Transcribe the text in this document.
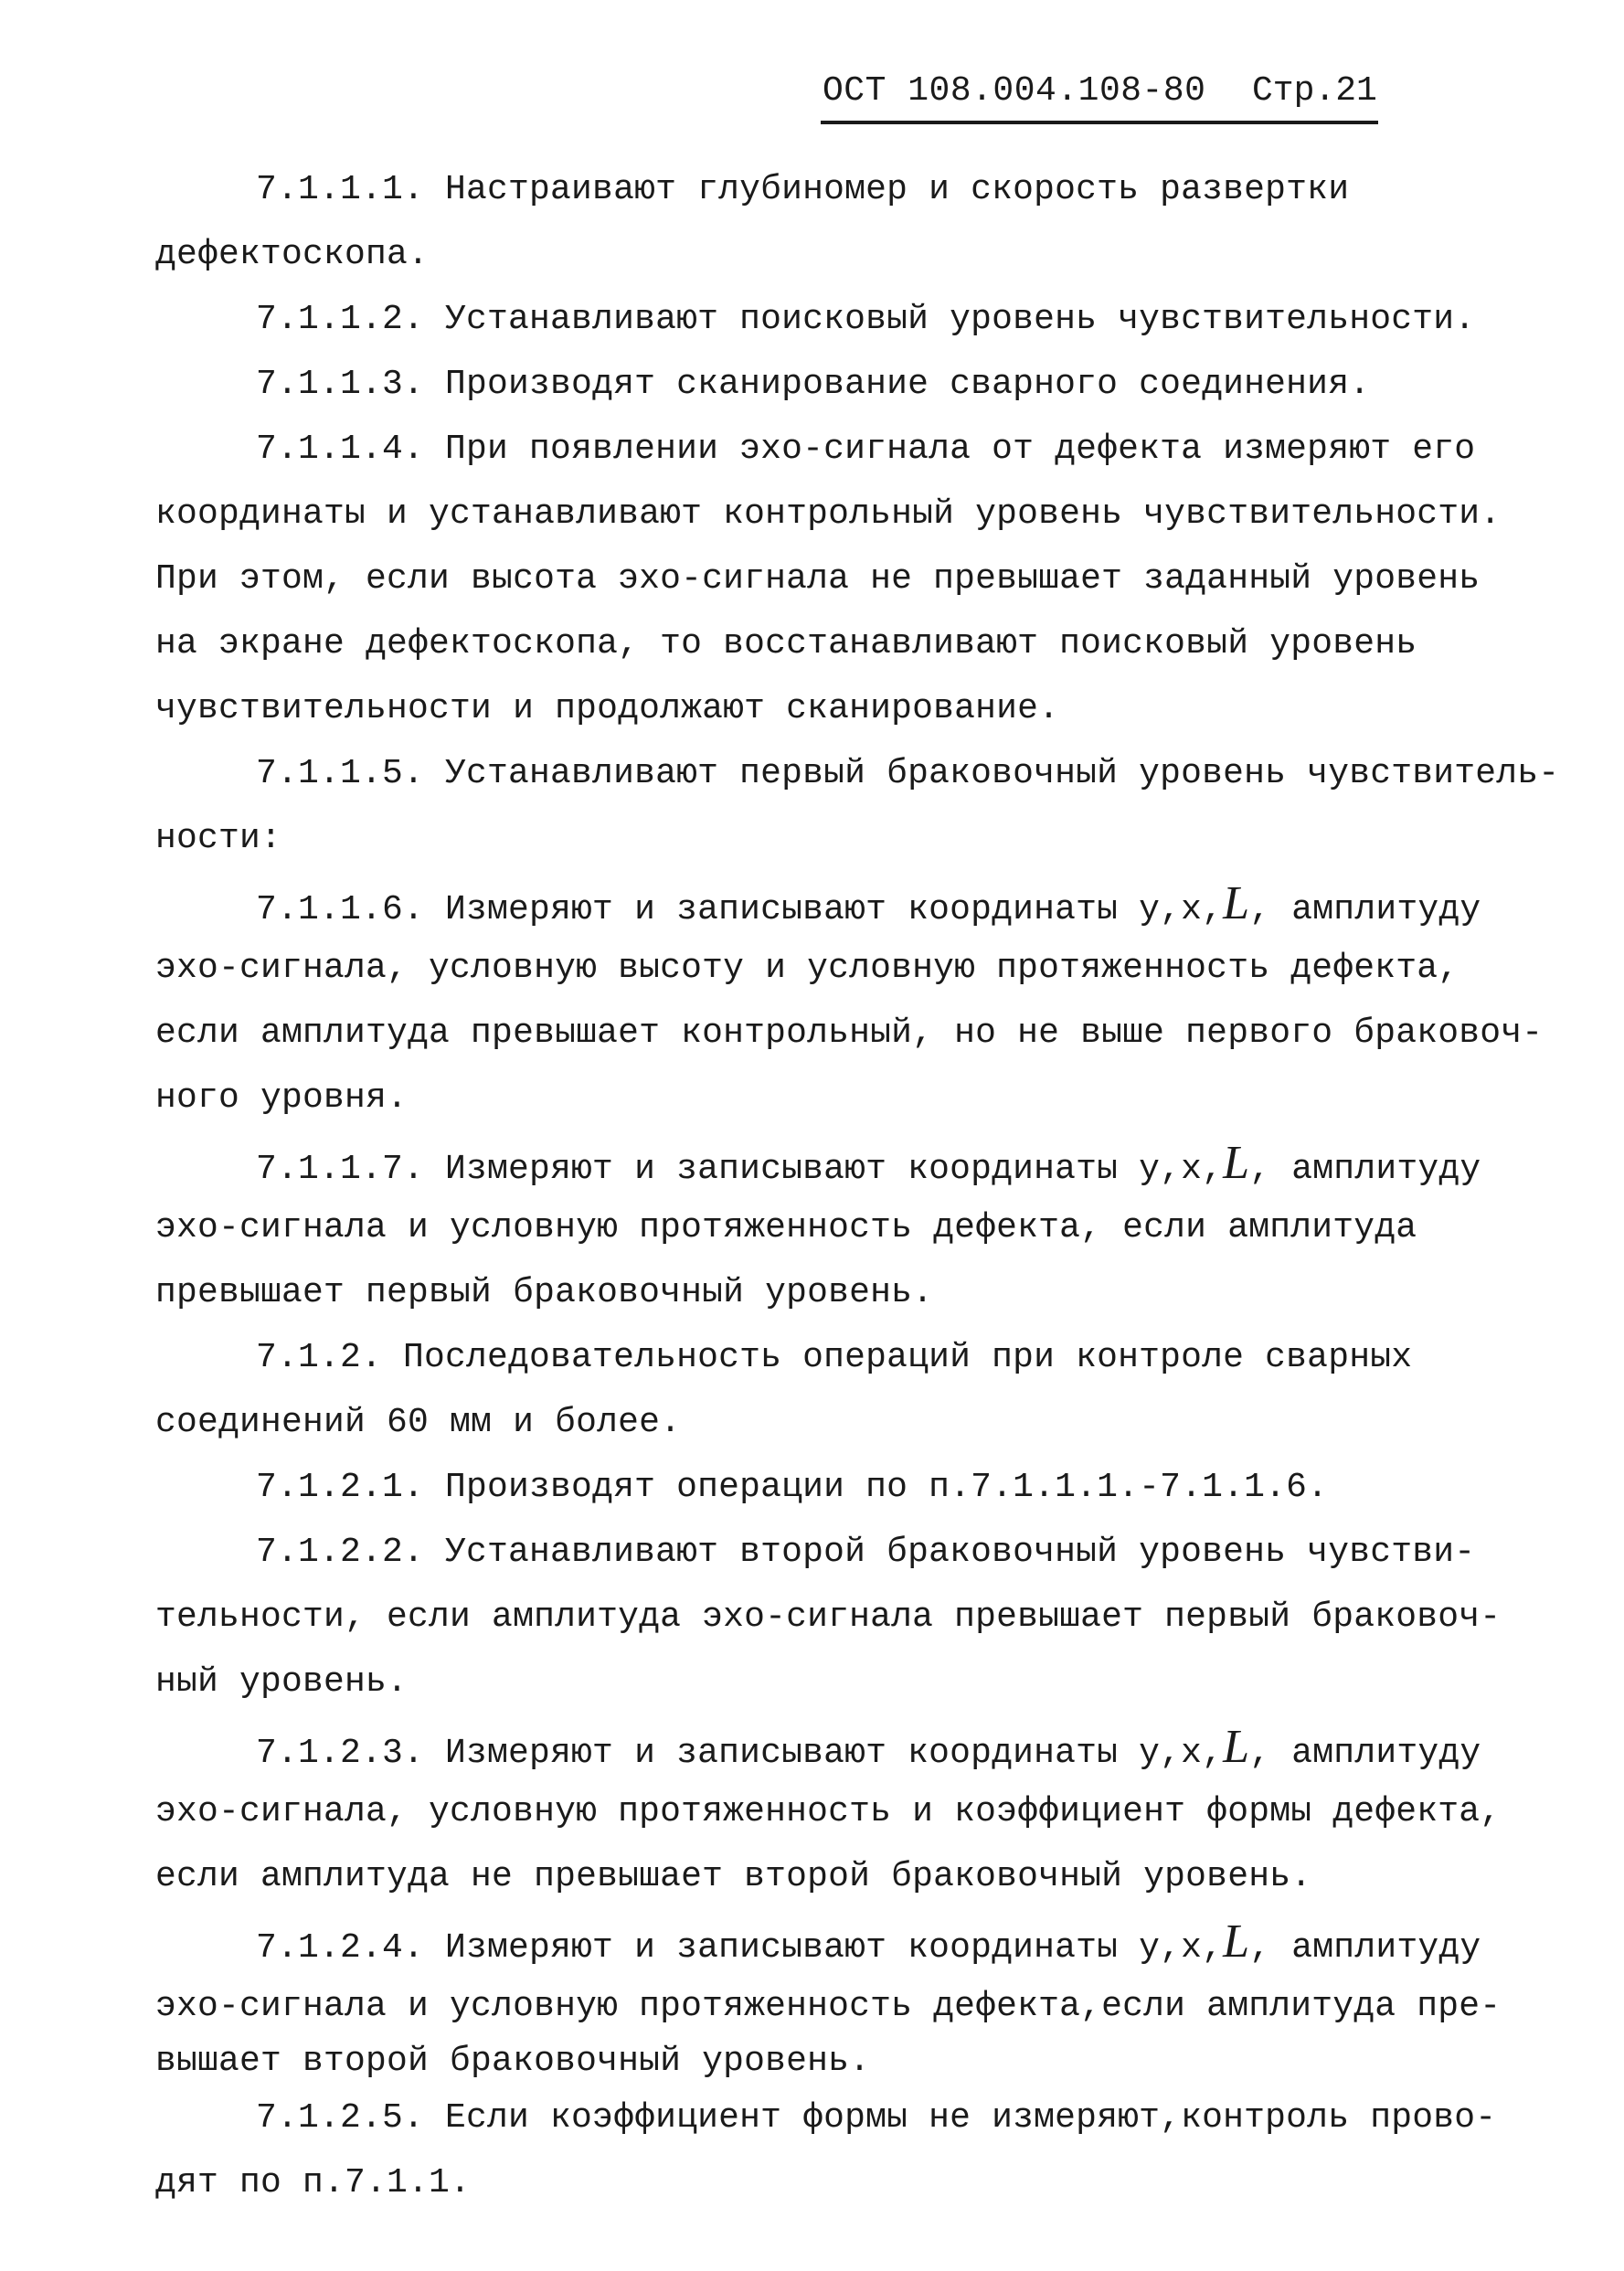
ОСТ 108.004.108-80 Стр.21
7.1.1.1. Настраивают глубиномер и скорость развертки
дефектоскопа.
7.1.1.2. Устанавливают поисковый уровень чувствительности.
7.1.1.3. Производят сканирование сварного соединения.
7.1.1.4. При появлении эхо-сигнала от дефекта измеряют его
координаты и устанавливают контрольный уровень чувствительности.
При этом, если высота эхо-сигнала не превышает заданный уровень
на экране дефектоскопа, то восстанавливают поисковый уровень
чувствительности и продолжают сканирование.
7.1.1.5. Устанавливают первый браковочный уровень чувствитель-
ности:
7.1.1.6. Измеряют и записывают координаты у,х,L, амплитуду
эхо-сигнала, условную высоту и условную протяженность дефекта,
если амплитуда превышает контрольный, но не выше первого браковоч-
ного уровня.
7.1.1.7. Измеряют и записывают координаты у,х,L, амплитуду
эхо-сигнала и условную протяженность дефекта, если амплитуда
превышает первый браковочный уровень.
7.1.2. Последовательность операций при контроле сварных
соединений 60 мм и более.
7.1.2.1. Производят операции по п.7.1.1.1.-7.1.1.6.
7.1.2.2. Устанавливают второй браковочный уровень чувстви-
тельности, если амплитуда эхо-сигнала превышает первый браковоч-
ный уровень.
7.1.2.3. Измеряют и записывают координаты у,х,L, амплитуду
эхо-сигнала, условную протяженность и коэффициент формы дефекта,
если амплитуда не превышает второй браковочный уровень.
7.1.2.4. Измеряют и записывают координаты у,х,L, амплитуду
эхо-сигнала и условную протяженность дефекта,если амплитуда пре-
вышает второй браковочный уровень.
7.1.2.5. Если коэффициент формы не измеряют,контроль прово-
дят по п.7.1.1.
